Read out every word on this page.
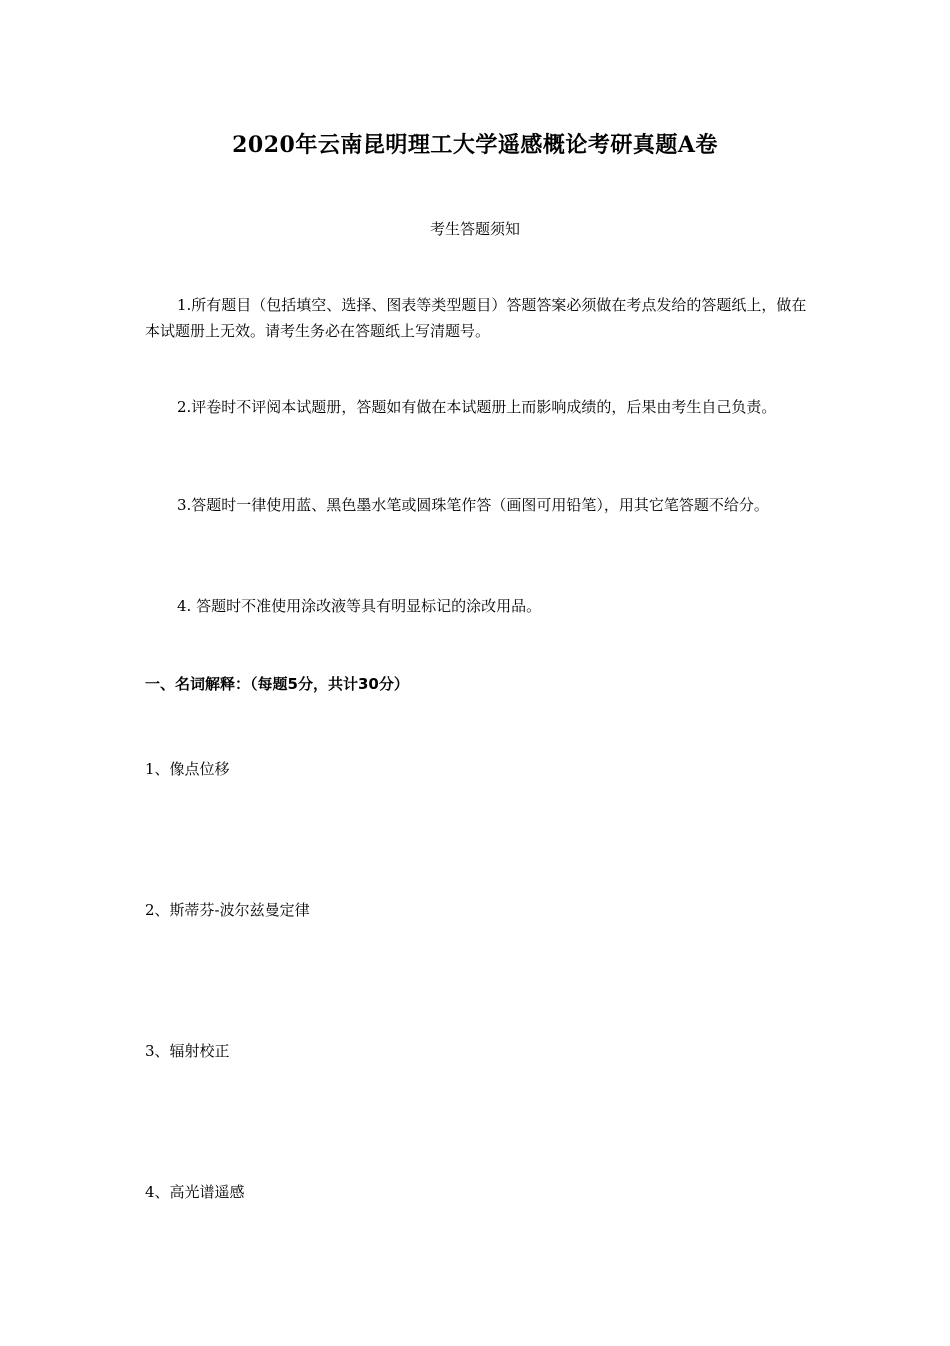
2020年云南昆明理工大学遥感概论考研真题A卷
考生答题须知

1.所有题目（包括填空、选择、图表等类型题目）答题答案必须做在考点发给的答题纸上，做在本试题册上无效。请考生务必在答题纸上写清题号。

2.评卷时不评阅本试题册，答题如有做在本试题册上而影响成绩的，后果由考生自己负责。

3.答题时一律使用蓝、黑色墨水笔或圆珠笔作答（画图可用铅笔），用其它笔答题不给分。

4. 答题时不准使用涂改液等具有明显标记的涂改用品。

一、名词解释：（每题5分，共计30分）
1、像点位移
2、斯蒂芬-波尔兹曼定律
3、辐射校正
4、高光谱遥感
